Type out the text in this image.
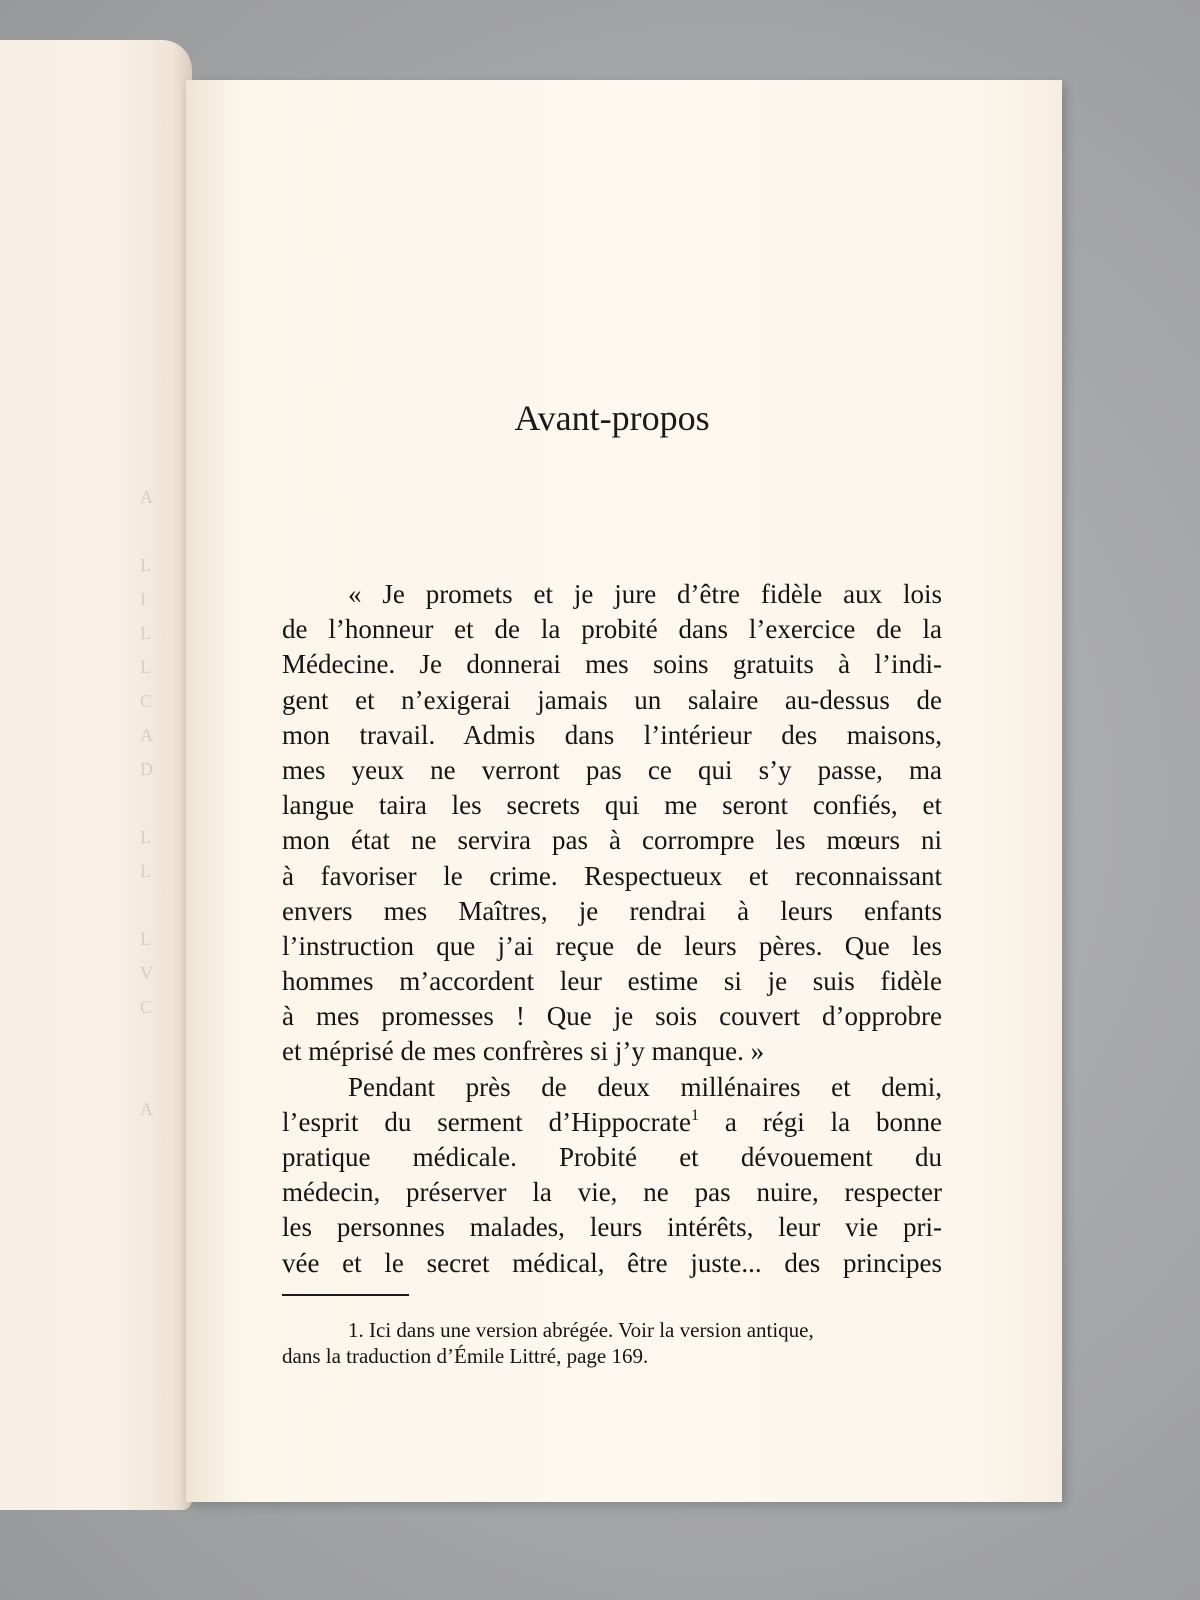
A
L
I
L
L
C
A
D
L
L
L
V
C
A
Avant-propos
« Je promets et je jure d’être fidèle aux lois
de l’honneur et de la probité dans l’exercice de la
Médecine. Je donnerai mes soins gratuits à l’indi-
gent et n’exigerai jamais un salaire au-dessus de
mon travail. Admis dans l’intérieur des maisons,
mes yeux ne verront pas ce qui s’y passe, ma
langue taira les secrets qui me seront confiés, et
mon état ne servira pas à corrompre les mœurs ni
à favoriser le crime. Respectueux et reconnaissant
envers mes Maîtres, je rendrai à leurs enfants
l’instruction que j’ai reçue de leurs pères. Que les
hommes m’accordent leur estime si je suis fidèle
à mes promesses ! Que je sois couvert d’opprobre
et méprisé de mes confrères si j’y manque. »
Pendant près de deux millénaires et demi,
l’esprit du serment d’Hippocrate$^1$ a régi la bonne
pratique médicale. Probité et dévouement du
médecin, préserver la vie, ne pas nuire, respecter
les personnes malades, leurs intérêts, leur vie pri-
vée et le secret médical, être juste... des principes
1. Ici dans une version abrégée. Voir la version antique,
dans la traduction d’Émile Littré, page 169.
